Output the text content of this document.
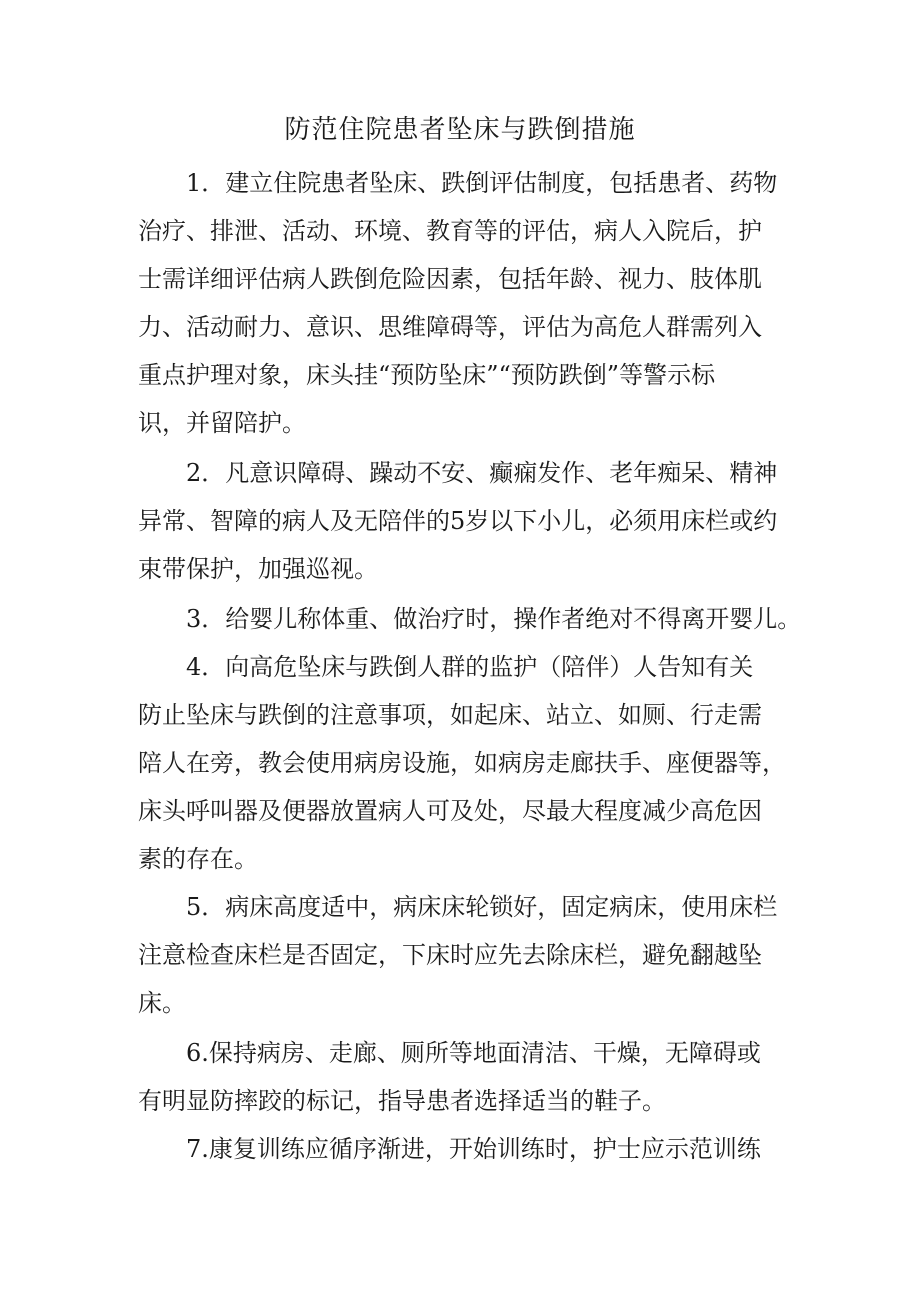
防范住院患者坠床与跌倒措施
1．建立住院患者坠床、跌倒评估制度，包括患者、药物
治疗、排泄、活动、环境、教育等的评估，病人入院后，护
士需详细评估病人跌倒危险因素，包括年龄、视力、肢体肌
力、活动耐力、意识、思维障碍等，评估为高危人群需列入
重点护理对象，床头挂“预防坠床”“预防跌倒”等警示标
识，并留陪护。
2．凡意识障碍、躁动不安、癫痫发作、老年痴呆、精神
异常、智障的病人及无陪伴的5岁以下小儿，必须用床栏或约
束带保护，加强巡视。
3．给婴儿称体重、做治疗时，操作者绝对不得离开婴儿。
4．向高危坠床与跌倒人群的监护（陪伴）人告知有关
防止坠床与跌倒的注意事项，如起床、站立、如厕、行走需
陪人在旁，教会使用病房设施，如病房走廊扶手、座便器等，
床头呼叫器及便器放置病人可及处，尽最大程度减少高危因
素的存在。
5．病床高度适中，病床床轮锁好，固定病床，使用床栏
注意检查床栏是否固定，下床时应先去除床栏，避免翻越坠
床。
6.保持病房、走廊、厕所等地面清洁、干燥，无障碍或
有明显防摔跤的标记，指导患者选择适当的鞋子。
7.康复训练应循序渐进，开始训练时，护士应示范训练
